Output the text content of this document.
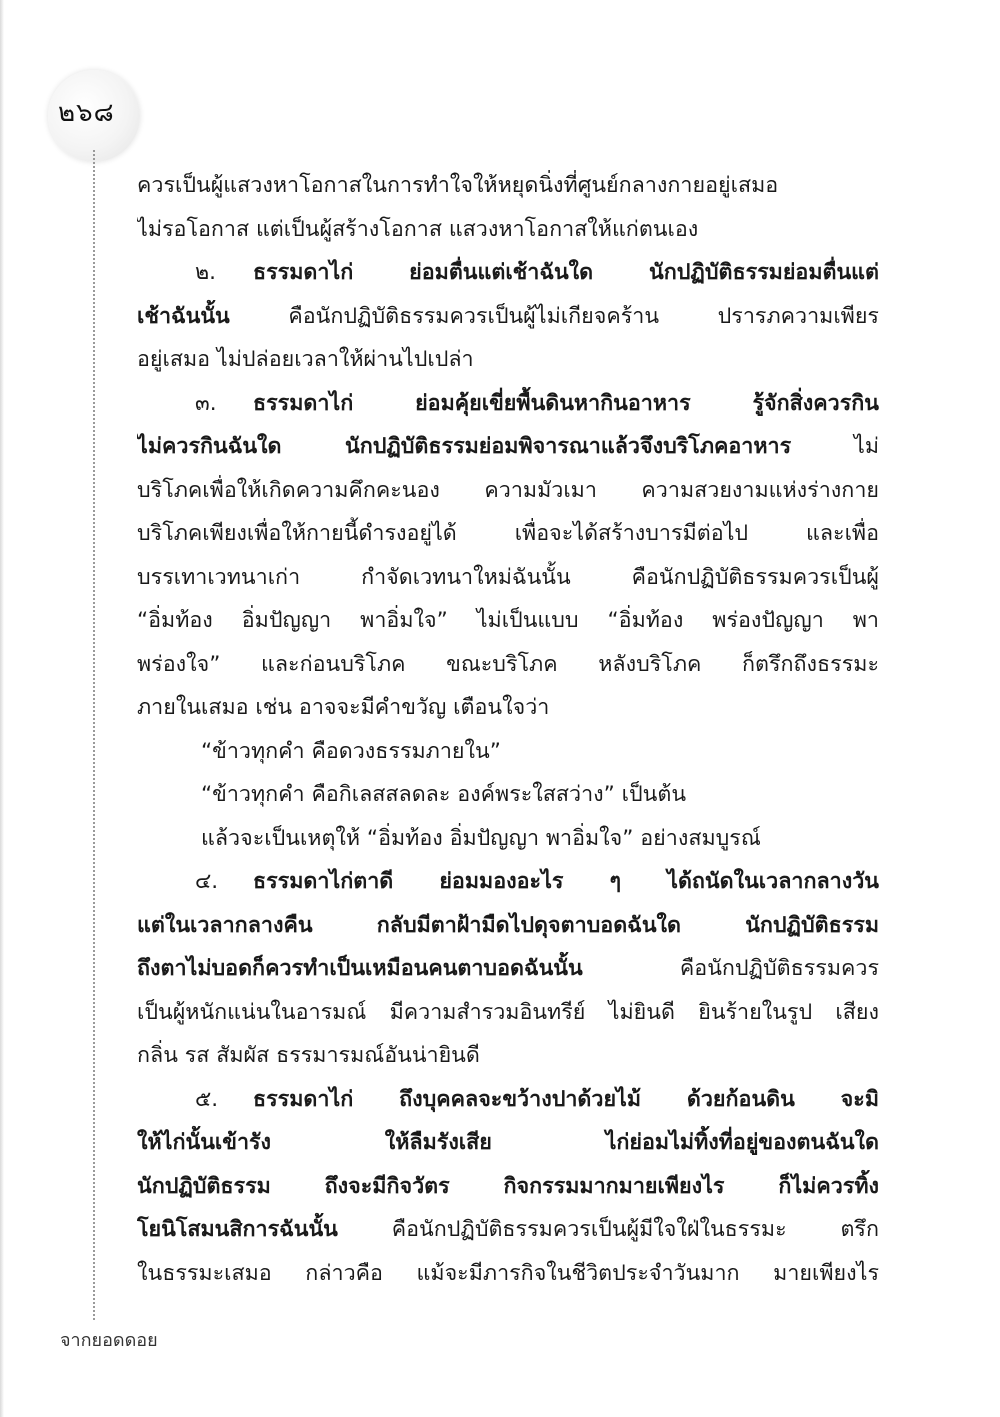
๒๖๘
ควรเป็นผู้แสวงหาโอกาสในการทำใจให้หยุดนิ่งที่ศูนย์กลางกายอยู่เสมอ
ไม่รอโอกาส แต่เป็นผู้สร้างโอกาส แสวงหาโอกาสให้แก่ตนเอง
๒. ธรรมดาไก่ ย่อมตื่นแต่เช้าฉันใด นักปฏิบัติธรรมย่อมตื่นแต่
เช้าฉันนั้น คือนักปฏิบัติธรรมควรเป็นผู้ไม่เกียจคร้าน ปรารภความเพียร
อยู่เสมอ ไม่ปล่อยเวลาให้ผ่านไปเปล่า
๓. ธรรมดาไก่ ย่อมคุ้ยเขี่ยพื้นดินหากินอาหาร รู้จักสิ่งควรกิน
ไม่ควรกินฉันใด นักปฏิบัติธรรมย่อมพิจารณาแล้วจึงบริโภคอาหาร ไม่
บริโภคเพื่อให้เกิดความคึกคะนอง ความมัวเมา ความสวยงามแห่งร่างกาย
บริโภคเพียงเพื่อให้กายนี้ดำรงอยู่ได้ เพื่อจะได้สร้างบารมีต่อไป และเพื่อ
บรรเทาเวทนาเก่า กำจัดเวทนาใหม่ฉันนั้น คือนักปฏิบัติธรรมควรเป็นผู้
“อิ่มท้อง อิ่มปัญญา พาอิ่มใจ” ไม่เป็นแบบ “อิ่มท้อง พร่องปัญญา พา
พร่องใจ” และก่อนบริโภค ขณะบริโภค หลังบริโภค ก็ตรึกถึงธรรมะ
ภายในเสมอ เช่น อาจจะมีคำขวัญ เตือนใจว่า
“ข้าวทุกคำ คือดวงธรรมภายใน”
“ข้าวทุกคำ คือกิเลสสลดละ องค์พระใสสว่าง” เป็นต้น
แล้วจะเป็นเหตุให้ “อิ่มท้อง อิ่มปัญญา พาอิ่มใจ” อย่างสมบูรณ์
๔. ธรรมดาไก่ตาดี ย่อมมองอะไร ๆ ได้ถนัดในเวลากลางวัน
แต่ในเวลากลางคืน กลับมีตาฝ้ามืดไปดุจตาบอดฉันใด นักปฏิบัติธรรม
ถึงตาไม่บอดก็ควรทำเป็นเหมือนคนตาบอดฉันนั้น คือนักปฏิบัติธรรมควร
เป็นผู้หนักแน่นในอารมณ์ มีความสำรวมอินทรีย์ ไม่ยินดี ยินร้ายในรูป เสียง
กลิ่น รส สัมผัส ธรรมารมณ์อันน่ายินดี
๕. ธรรมดาไก่ ถึงบุคคลจะขว้างปาด้วยไม้ ด้วยก้อนดิน จะมิ
ให้ไก่นั้นเข้ารัง ให้ลืมรังเสีย ไก่ย่อมไม่ทิ้งที่อยู่ของตนฉันใด
นักปฏิบัติธรรม ถึงจะมีกิจวัตร กิจกรรมมากมายเพียงไร ก็ไม่ควรทิ้ง
โยนิโสมนสิการฉันนั้น คือนักปฏิบัติธรรมควรเป็นผู้มีใจใฝ่ในธรรมะ ตรึก
ในธรรมะเสมอ กล่าวคือ แม้จะมีภารกิจในชีวิตประจำวันมาก มายเพียงไร
จากยอดดอย
